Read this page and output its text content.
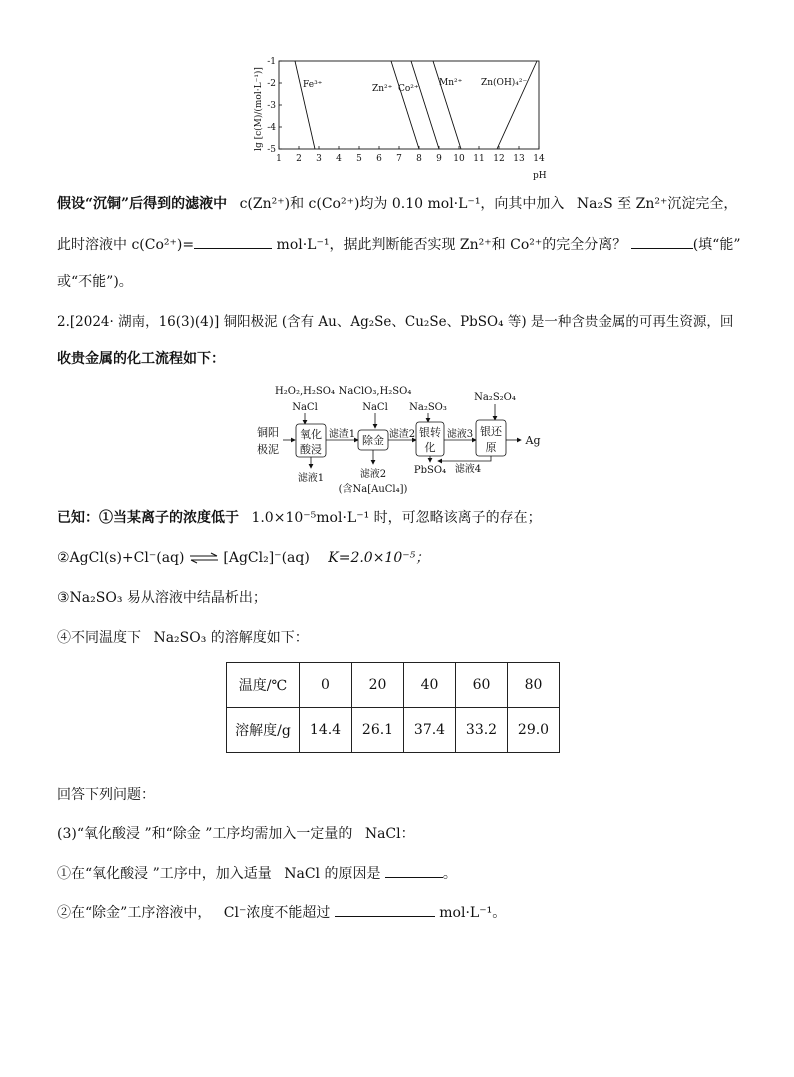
lg [c(M)/(mol·L⁻¹)]
1 2 3 4 5 6 7 8 9 10 11 12 13 14
-1
-2
-3
-4
-5
Fe³⁺	Zn²⁺ Co²⁺
Mn²⁺ Zn(OH)₄²⁻
pH
假设“沉铜”后得到的滤液中 c(Zn²⁺)和 c(Co²⁺)均为 0.10 mol·L⁻¹，向其中加入 Na₂S 至 Zn²⁺沉淀完全，
此时溶液中 c(Co²⁺)=	mol·L⁻¹，据此判断能否实现 Zn²⁺和 Co²⁺的完全分离？	(填“能”
或“不能”)。
2.[2024· 湖南，16(3)(4)] 铜阳极泥 (含有 Au、Ag₂Se、Cu₂Se、PbSO₄ 等) 是一种含贵金属的可再生资源，回
收贵金属的化工流程如下：
H₂O₂,H₂SO₄
NaCl
NaClO₃,H₂SO₄
NaCl Na₂SO₃
Na₂S₂O₄
铜阳
极泥
氧化
酸浸
滤渣1
滤液1
除金 滤渣2
滤液2
(含Na[AuCl₄])
银转
化
滤液3
PbSO₄
银还
原
Ag
滤液4
已知：①当某离子的浓度低于 1.0×10⁻⁵mol·L⁻¹ 时，可忽略该离子的存在；
②AgCl(s)+Cl⁻(aq) ⇌ [AgCl₂]⁻(aq) K=2.0×10⁻⁵；
③Na₂SO₃ 易从溶液中结晶析出；
④不同温度下 Na₂SO₃ 的溶解度如下：
温度/℃	0	20	40	60	80
溶解度/g	14.4	26.1	37.4	33.2	29.0
回答下列问题：
(3)“氧化酸浸 ”和“除金 ”工序均需加入一定量的 NaCl：
①在“氧化酸浸 ”工序中，加入适量 NaCl 的原因是	。
②在“除金”工序溶液中， Cl⁻浓度不能超过	mol·L⁻¹。
